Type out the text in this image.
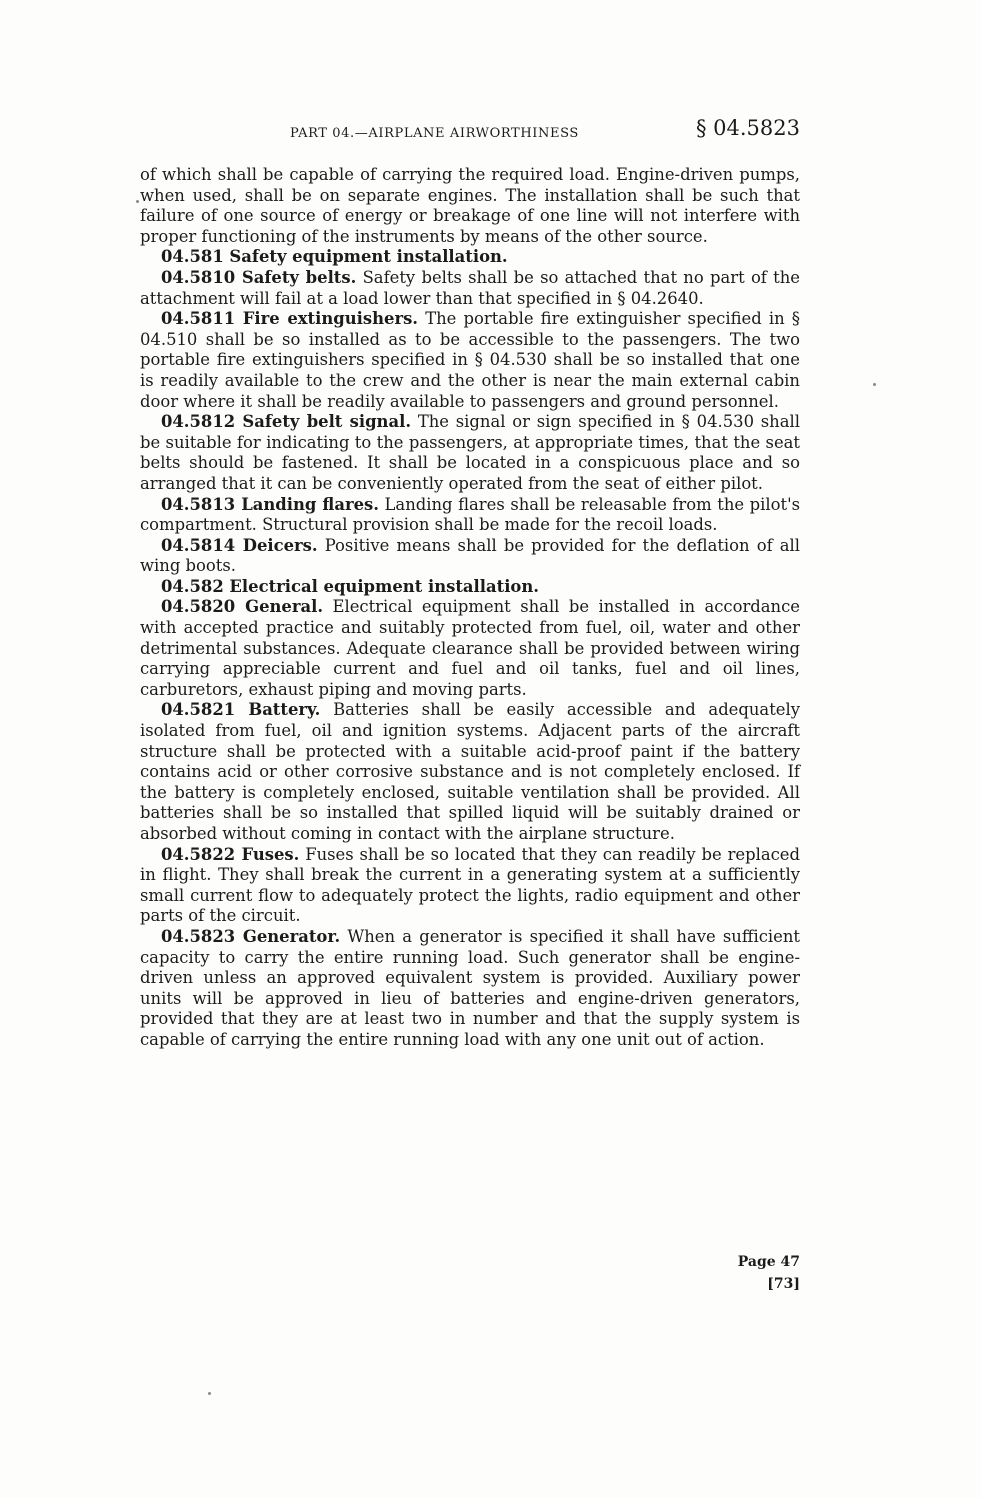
PART 04.—AIRPLANE AIRWORTHINESS	§ 04.5823

of which shall be capable of carrying the required load. Engine-driven pumps, when used, shall be on separate engines. The installation shall be such that failure of one source of energy or breakage of one line will not interfere with proper functioning of the instruments by means of the other source.

04.581 Safety equipment installation.

04.5810 Safety belts. Safety belts shall be so attached that no part of the attachment will fail at a load lower than that specified in § 04.2640.

04.5811 Fire extinguishers. The portable fire extinguisher specified in § 04.510 shall be so installed as to be accessible to the passengers. The two portable fire extinguishers specified in § 04.530 shall be so installed that one is readily available to the crew and the other is near the main external cabin door where it shall be readily available to passengers and ground personnel.

04.5812 Safety belt signal. The signal or sign specified in § 04.530 shall be suitable for indicating to the passengers, at appropriate times, that the seat belts should be fastened. It shall be located in a conspicuous place and so arranged that it can be conveniently operated from the seat of either pilot.

04.5813 Landing flares. Landing flares shall be releasable from the pilot's compartment. Structural provision shall be made for the recoil loads.

04.5814 Deicers. Positive means shall be provided for the deflation of all wing boots.

04.582 Electrical equipment installation.

04.5820 General. Electrical equipment shall be installed in accordance with accepted practice and suitably protected from fuel, oil, water and other detrimental substances. Adequate clearance shall be provided between wiring carrying appreciable current and fuel and oil tanks, fuel and oil lines, carburetors, exhaust piping and moving parts.

04.5821 Battery. Batteries shall be easily accessible and adequately isolated from fuel, oil and ignition systems. Adjacent parts of the aircraft structure shall be protected with a suitable acid-proof paint if the battery contains acid or other corrosive substance and is not completely enclosed. If the battery is completely enclosed, suitable ventilation shall be provided. All batteries shall be so installed that spilled liquid will be suitably drained or absorbed without coming in contact with the airplane structure.

04.5822 Fuses. Fuses shall be so located that they can readily be replaced in flight. They shall break the current in a generating system at a sufficiently small current flow to adequately protect the lights, radio equipment and other parts of the circuit.

04.5823 Generator. When a generator is specified it shall have sufficient capacity to carry the entire running load. Such generator shall be engine-driven unless an approved equivalent system is provided. Auxiliary power units will be approved in lieu of batteries and engine-driven generators, provided that they are at least two in number and that the supply system is capable of carrying the entire running load with any one unit out of action.

Page 47
[73]
